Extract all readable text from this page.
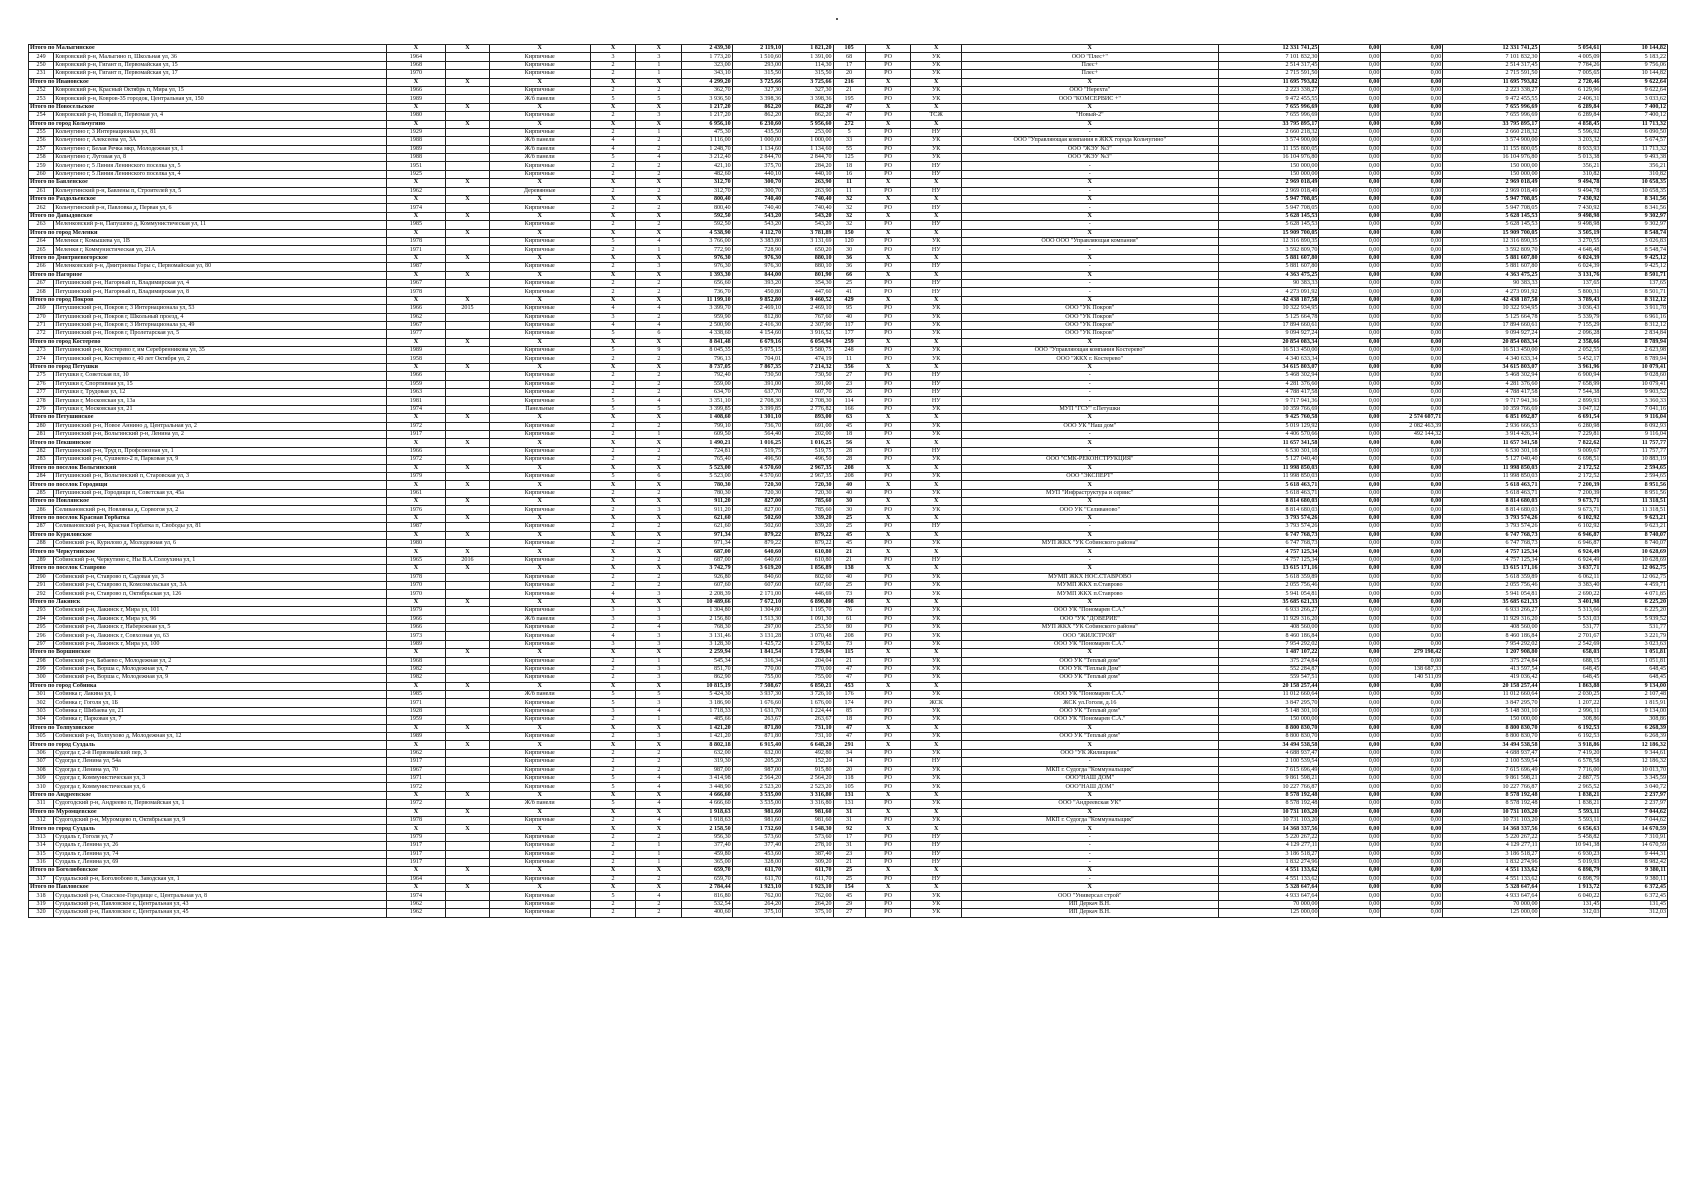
Итого по Малыгинское		X	X	X	X	X	2 439,30	2 119,10	1 821,20	105	X	X	X	12 331 741,25	0,00	0,00	12 331 741,25	5 054,61	10 144,82
249	Ковровский р-н, Малыгино п, Школьная ул, 36	1964		Кирпичные	3	3	1 773,20	1 510,60	1 391,00	68	РО	УК	ООО "Плес+"	7 101 832,30	0,00	0,00	7 101 832,30	4 005,09	5 183,22
250	Ковровский р-н, Гигант п, Первомайская ул, 15	1968		Кирпичные	2	1	323,00	293,00	114,30	17	РО	УК	Плес+	2 514 317,45	0,00	0,00	2 514 317,45	7 784,26	9 756,06
231	Ковровский р-н, Гигант п, Первомайская ул, 17	1970		Кирпичные	2	1	343,10	315,50	315,50	20	РО	УК	Плес+	2 715 591,50	0,00	0,00	2 715 591,50	7 005,65	10 144,82
Итого по Ивановское		X	X	X	X	X	4 299,20	3 725,66	3 725,66	216	X	X	X	11 695 793,82	0,00	0,00	11 695 793,82	2 720,46	9 622,64
252	Ковровский р-н, Красный Октябрь п, Мира ул, 15	1966		Кирпичные	2	2	362,70	327,30	327,30	21	РО	УК	ООО "Нерехта"	2 223 338,27	0,00	0,00	2 223 338,27	6 129,96	9 622,64
253	Ковровский р-н, Ковров-35 городок, Центральная ул, 150	1989		Ж/б панели	5	5	3 936,50	3 398,36	3 398,36	195	РО	УК	ООО "КОМСЕРВИС +"	9 472 455,55	0,00	0,00	9 472 455,55	2 406,31	3 033,62
Итого по Новосельское		X	X	X	X	X	1 217,20	862,20	862,20	47	X	X	X	7 655 996,69	0,00	0,00	7 655 996,69	6 289,84	7 400,12
254	Ковровский р-н, Новый п, Первомая ул, 4	1980		Кирпичные	2	3	1 217,20	862,20	862,20	47	РО	ТСЖ	"Новый-2"	7 655 996,69	0,00	0,00	7 655 996,69	6 289,84	7 400,12
Итого по город Кольчугино		X	X	X	X	X	6 956,10	6 230,60	5 956,60	272	X	X	X	33 795 895,17	0,00	0,00	33 795 895,17	4 858,45	11 713,32
255	Кольчугино г, 3 Интернационала ул, 81	1929		Кирпичные	2	1	475,30	435,50	253,00	5	РО	НУ	-	2 660 218,32	0,00	0,00	2 660 218,32	5 596,92	6 090,50
256	Кольчугино г, Алексеева ул, 3А	1988		Ж/б панели	4	2	1 116,00	1 000,00	1 000,00	33	РО	УК	ООО "Управляющая компания в ЖКХ города Кольчугино"	3 574 900,00	0,00	0,00	3 574 900,00	3 203,32	5 674,57
257	Кольчугино г, Белая Речка мкр, Молодежная ул, 1	1989		Ж/б панели	4	2	1 248,70	1 134,60	1 134,60	55	РО	УК	ООО "ЖЭУ №3"	11 155 800,05	0,00	0,00	11 155 800,05	8 933,93	11 713,32
258	Кольчугино г, Луговая ул, 8	1988		Ж/б панели	5	4	3 212,40	2 844,70	2 844,70	125	РО	УК	ООО "ЖЭУ №3"	16 104 976,80	0,00	0,00	16 104 976,80	5 013,38	9 493,38
259	Кольчугино г, 5 Линия Ленинского поселка ул, 5	1951		Кирпичные	2	2	421,10	375,70	284,20	18	РО	НУ	-	150 000,00	0,00	0,00	150 000,00	356,21	356,21
260	Кольчугино г, 5 Линия Ленинского поселка ул, 4	1925		Кирпичные	2	2	482,60	440,10	440,10	16	РО	НУ	-	150 000,00	0,00	0,00	150 000,00	310,82	310,82
Итого по Бавленское		X	X	X	X	X	312,70	300,70	263,90	11	X	X	X	2 969 018,49	0,00	0,00	2 969 018,49	9 494,78	10 658,35
261	Кольчугинский р-н, Бавлены п, Строителей ул, 5	1962		Деревянные	2	2	312,70	300,70	263,90	11	РО	НУ	-	2 969 018,49	0,00	0,00	2 969 018,49	9 494,78	10 658,35
Итого по Раздольевское		X	X	X	X	X	800,40	740,40	740,40	32	X	X	X	5 947 708,05	0,00	0,00	5 947 708,05	7 430,92	8 341,56
262	Кольчугинский р-н, Павловка д, Первая ул, 6	1974		Кирпичные	2	2	800,40	740,40	740,40	32	РО	НУ	-	5 947 708,05	0,00	0,00	5 947 708,05	7 430,92	8 341,56
Итого по Давыдовское		X	X	X	X	X	592,50	543,20	543,20	32	X	X	X	5 628 145,53	0,00	0,00	5 628 145,53	9 498,98	9 302,97
263	Меленковский р-н, Папушево д, Коммунистическая ул, 11	1985		Кирпичные	2	2	592,50	543,20	543,20	32	РО	НУ	-	5 628 145,53	0,00	0,00	5 628 145,53	9 498,98	9 302,97
Итого по город Меленки		X	X	X	X	X	4 538,90	4 112,70	3 781,89	150	X	X	X	15 909 700,05	0,00	0,00	15 909 700,05	3 505,19	8 548,74
264	Меленки г, Комышева ул, 1В	1978		Кирпичные	5	4	3 766,00	3 383,80	3 131,69	120	РО	УК	ООО ООО "Управляющая компания"	12 316 890,35	0,00	0,00	12 316 890,35	3 270,55	3 026,83
265	Меленки г, Коммунистическая ул, 21А	1971		Кирпичные	2	1	772,90	728,90	650,20	30	РО	НУ	-	3 592 809,70	0,00	0,00	3 592 809,70	4 648,48	8 548,74
Итого по Дмитриевогорское		X	X	X	X	X	976,30	976,30	880,10	36	X	X	X	5 881 607,80	0,00	0,00	5 881 607,80	6 024,39	9 425,12
266	Меленковский р-н, Дмитриевы Горы с, Первомайская ул, 80	1987		Кирпичные	2	3	976,30	976,30	880,10	36	РО	НУ	-	5 881 607,80	0,00	0,00	5 881 607,80	6 024,39	9 425,12
Итого по Нагорное		X	X	X	X	X	1 393,30	844,00	801,90	66	X	X	X	4 363 475,25	0,00	0,00	4 363 475,25	3 131,76	8 501,71
267	Петушинский р-н, Нагорный п, Владимирская ул, 4	1967		Кирпичные	2	2	656,60	393,20	354,30	25	РО	НУ	-	90 383,33	0,00	0,00	90 383,33	137,65	137,65
268	Петушинский р-н, Нагорный п, Владимирская ул, 8	1978		Кирпичные	2	2	736,70	450,80	447,60	41	РО	НУ	-	4 273 091,92	0,00	0,00	4 273 091,92	5 800,31	8 501,71
Итого по город Покров		X	X	X	X	X	11 199,10	9 852,80	9 460,52	429	X	X	X	42 438 187,58	0,00	0,00	42 438 187,58	3 789,43	8 312,12
269	Петушинский р-н, Покров г, 3 Интернационала ул, 53	1966	2015	Кирпичные	4	4	3 399,70	2 469,10	2 469,10	95	РО	УК	ООО "УК Покров"	10 322 934,95	0,00	0,00	10 322 934,95	3 036,43	3 911,78
270	Петушинский р-н, Покров г, Школьный проезд, 4	1962		Кирпичные	3	2	959,90	812,80	767,60	40	РО	УК	ООО "УК Покров"	5 125 664,78	0,00	0,00	5 125 664,78	5 339,79	6 961,16
271	Петушинский р-н, Покров г, 3 Интернационала ул, 49	1967		Кирпичные	4	4	2 500,90	2 416,30	2 307,90	117	РО	УК	ООО "УК Покров"	17 894 660,61	0,00	0,00	17 894 660,61	7 155,29	8 312,12
272	Петушинский р-н, Покров г, Пролетарская ул, 5	1977		Кирпичные	5	6	4 338,60	4 154,60	3 916,52	177	РО	УК	ООО "УК Покров"	9 094 927,24	0,00	0,00	9 094 927,24	2 096,28	2 834,84
Итого по город Костерево		X	X	X	X	X	8 841,48	6 679,16	6 054,94	259	X	X	X	20 854 083,34	0,00	0,00	20 854 083,34	2 358,66	8 789,94
273	Петушинский р-н, Костерево г, им Серебренникова ул, 35	1989		Кирпичные	5	9	8 045,35	5 975,15	5 580,75	248	РО	УК	ООО "Управляющая компания Костерево"	16 513 450,00	0,00	0,00	16 513 450,00	2 052,55	2 623,98
274	Петушинский р-н, Костерево г, 40 лет Октября ул, 2	1958		Кирпичные	2	2	796,13	704,01	474,19	11	РО	УК	ООО "ЖКХ г. Костерево"	4 340 633,34	0,00	0,00	4 340 633,34	5 452,17	8 789,94
Итого по город Петушки		X	X	X	X	X	8 737,05	7 867,35	7 214,32	356	X	X	X	34 615 803,07	0,00	0,00	34 615 803,07	3 961,96	10 079,41
275	Петушки г, Советская пл, 10	1966		Кирпичные	2	2	792,40	730,50	730,50	27	РО	НУ	-	5 468 302,94	0,00	0,00	5 468 302,94	6 900,94	9 028,60
276	Петушки г, Спортивная ул, 15	1959		Кирпичные	2	2	559,00	391,00	391,00	23	РО	НУ	-	4 281 376,60	0,00	0,00	4 281 376,60	7 658,99	10 079,41
277	Петушки г, Трудовая ул, 12	1963		Кирпичные	2	2	634,70	637,70	607,70	26	РО	НУ	-	4 788 417,58	0,00	0,00	4 788 417,58	7 544,38	9 903,52
278	Петушки г, Московская ул, 13а	1981		Кирпичные	5	4	3 351,10	2 708,30	2 708,30	114	РО	НУ	-	9 717 941,36	0,00	0,00	9 717 941,36	2 899,93	3 360,33
279	Петушки г, Московская ул, 21	1974		Панельные	5	5	3 399,85	3 399,85	2 776,82	166	РО	УК	МУП "ГСУ" г.Петушки	10 359 766,69	0,00	0,00	10 359 766,69	3 047,12	7 041,16
Итого по Петушинское		X	X	X	X	X	1 408,60	1 301,10	893,00	63	X	X	X	9 425 760,58	0,00	2 574 607,71	6 851 092,87	6 691,54	9 116,04
280	Петушинский р-н, Новое Аннино д, Центральная ул, 2	1972		Кирпичные	2	2	799,10	736,70	691,00	45	РО	УК	ООО УК "Наш дом"	5 019 129,92	0,00	2 082 463,39	2 936 666,53	6 280,98	8 092,93
281	Петушинский р-н, Вольгинский р-н, Ленина ул, 2	1917		Кирпичные	2	1	609,50	564,40	202,00	18	РО	УК	-	4 406 570,66	0,00	492 144,32	3 914 426,34	7 229,81	9 116,04
Итого по Пекшинское		X	X	X	X	X	1 490,21	1 016,25	1 016,25	56	X	X	X	11 657 341,58	0,00	0,00	11 657 341,58	7 822,62	11 757,77
282	Петушинский р-н, Труд п, Профсоюзная ул, 1	1966		Кирпичные	2	2	724,81	519,75	519,75	28	РО	НУ	-	6 530 301,18	0,00	0,00	6 530 301,18	9 009,67	11 757,77
283	Петушинский р-н, Сушнево-2 п, Парковая ул, 9	1972		Кирпичные	2	2	765,40	496,50	496,50	28	РО	УК	ООО "СМК-РЕКОНСТРУКЦИЯ"	5 127 040,40	0,00	0,00	5 127 040,40	6 698,51	10 883,19
Итого по поселок Вольгинский		X	X	X	X	X	5 523,00	4 570,60	2 967,35	208	X	X	X	11 998 850,03	0,00	0,00	11 998 850,03	2 172,52	2 594,65
284	Петушинский р-н, Вольгинский п, Старовская ул, 3	1979		Кирпичные	5	6	5 523,00	4 570,60	2 967,35	208	РО	УК	ООО "ЭКСПЕРТ"	11 998 850,03	0,00	0,00	11 998 850,03	2 172,52	2 594,65
Итого по поселок Городищи		X	X	X	X	X	780,30	720,30	720,30	40	X	X	X	5 618 463,71	0,00	0,00	5 618 463,71	7 200,39	8 951,56
285	Петушинский р-н, Городищи п, Советская ул, 45а	1961		Кирпичные	2	2	780,30	720,30	720,30	40	РО	УК	МУП "Инфраструктура и сервис"	5 618 463,71	0,00	0,00	5 618 463,71	7 200,39	8 951,56
Итого по Новлянское		X	X	X	X	X	911,20	827,00	785,60	30	X	X	X	8 814 680,03	0,00	0,00	8 814 680,03	9 673,71	11 318,51
286	Селивановский р-н, Новлянка д, Сорвогоя ул, 2	1976		Кирпичные	2	3	911,20	827,00	785,60	30	РО	УК	ООО УК "Селиваново"	8 814 680,03	0,00	0,00	8 814 680,03	9 673,71	11 318,51
Итого по поселок Красная Горбатка		X	X	X	X	X	621,60	502,60	339,20	25	X	X	X	3 793 574,26	0,00	0,00	3 793 574,26	6 102,92	9 623,21
287	Селивановский р-н, Красная Горбатка п, Свободы ул, 81	1987		Кирпичные	2	2	621,60	502,60	339,20	25	РО	НУ	-	3 793 574,26	0,00	0,00	3 793 574,26	6 102,92	9 623,21
Итого по Куриловское		X	X	X	X	X	971,34	879,22	879,22	45	X	X	X	6 747 768,73	0,00	0,00	6 747 768,73	6 946,87	8 740,07
288	Собинский р-н, Курилово д, Молодежная ул, 6	1980		Кирпичные	2	2	971,34	879,22	879,22	45	РО	УК	МУП ЖКХ "УК Собинского района"	6 747 768,73	0,00	0,00	6 747 768,73	6 946,87	8 740,07
Итого по Черкутинское		X	X	X	X	X	687,00	640,60	610,80	21	X	X	X	4 757 125,34	0,00	0,00	4 757 125,34	6 924,49	10 628,69
289	Собинский р-н, Черкутино с, Ны В.А.Солоухина ул, 1	1965	2016	Кирпичные	2	2	687,00	640,60	610,80	21	РО	НУ	-	4 757 125,34	0,00	0,00	4 757 125,34	6 924,49	10 628,69
Итого по поселок Ставрово		X	X	X	X	X	3 742,79	3 619,20	1 856,89	138	X	X	X	13 615 171,16	0,00	0,00	13 615 171,16	3 637,71	12 062,75
290	Собинский р-н, Ставрово п, Садовая ул, 3	1978		Кирпичные	2	2	926,80	840,60	802,60	40	РО	УК	МУМП ЖКХ НОС.СТАВРОВО	5 618 359,89	0,00	0,00	5 618 359,89	6 062,11	12 062,75
291	Собинский р-н, Ставрово п, Комсомольская ул, 3А	1970		Кирпичные	2	2	607,60	607,60	607,60	25	РО	УК	МУМП ЖКХ п.Ставрово	2 055 756,46	0,00	0,00	2 055 756,46	3 383,40	4 459,71
292	Собинский р-н, Ставрово п, Октябрьская ул, 126	1970		Кирпичные	4	3	2 208,39	2 171,00	446,69	73	РО	УК	МУМП ЖКХ п.Ставрово	5 941 054,81	0,00	0,00	5 941 054,81	2 690,22	4 071,85
Итого по Лакинск		X	X	X	X	X	10 489,66	7 672,10	6 890,80	498	X	X	X	35 685 621,33	0,00	0,00	35 685 621,33	3 401,98	6 225,20
293	Собинский р-н, Лакинск г, Мира ул, 101	1979		Кирпичные	3	3	1 304,80	1 304,80	1 195,70	76	РО	УК	ООО УК "Пономарев С.А."	6 933 266,27	0,00	0,00	6 933 266,27	5 313,66	6 225,20
294	Собинский р-н, Лакинск г, Мира ул, 96	1966		Ж/б панели	3	3	2 156,80	1 513,30	1 091,30	61	РО	УК	ООО "УК "ДОВЕРИЕ"	11 929 316,20	0,00	0,00	11 929 316,20	5 531,03	5 939,52
295	Собинский р-н, Лакинск г, Набережная ул, 5	1966		Кирпичные	2	4	768,30	297,00	253,50	80	РО	УК	МУП ЖКХ "УК Собинского района"	408 560,00	0,00	0,00	408 560,00	531,77	531,77
296	Собинский р-н, Лакинск г, Совхозная ул, 63	1973		Кирпичные	4	3	3 131,46	3 131,28	3 070,48	208	РО	УК	ООО "ЖИЛСТРОЙ"	8 460 186,84	0,00	0,00	8 460 186,84	2 701,67	3 221,79
297	Собинский р-н, Лакинск г, Мира ул, 100	1989		Кирпичные	3	3	3 128,30	1 425,72	1 279,82	73	РО	УК	ООО УК "Пономарев С.А."	7 954 292,02	0,00	0,00	7 954 292,02	2 542,69	3 023,63
Итого по Воршинское		X	X	X	X	X	2 259,94	1 841,54	1 729,04	115	X	X	X	1 487 107,22	0,00	279 198,42	1 207 908,80	658,03	1 051,81
298	Собинский р-н, Бабаево с, Молодежная ул, 2	1968		Кирпичные	2	1	545,34	316,34	204,04	21	РО	УК	ООО УК "Теплый дом"	375 274,84	0,00	0,00	375 274,84	688,15	1 051,81
299	Собинский р-н, Ворша с, Молодежная ул, 7	1982		Кирпичные	2	3	851,70	770,00	770,00	47	РО	УК	ООО УК "Теплый Дом"	552 284,87	0,00	138 687,33	413 597,54	648,45	648,45
300	Собинский р-н, Ворша с, Молодежная ул, 9	1982		Кирпичные	2	3	862,90	755,00	755,00	47	РО	УК	ООО УК "Теплый дом"	559 547,51	0,00	140 511,09	419 036,42	648,45	648,45
Итого по город Собинка		X	X	X	X	X	10 815,19	7 508,67	6 850,21	453	X	X	X	20 158 257,44	0,00	0,00	20 158 257,44	1 863,88	9 134,00
301	Собинка г, Лакина ул, 1	1985		Ж/б панели	5	5	5 424,30	3 937,30	3 726,10	176	РО	УК	ООО УК "Пономарев С.А."	11 012 660,64	0,00	0,00	11 012 660,64	2 030,25	2 107,48
302	Собинка г, Гоголя ул, 1Б	1971		Кирпичные	5	3	3 186,90	1 676,60	1 676,00	174	РО	ЖСК	ЖСК ул.Гоголя, д.16	3 847 295,70	0,00	0,00	3 847 295,70	1 207,22	1 815,91
303	Собинка г, Шибаева ул, 21	1928		Кирпичные	3	4	1 718,33	1 631,70	1 224,44	85	РО	УК	ООО УК "Теплый дом"	5 148 301,10	0,00	0,00	5 148 301,10	2 996,11	9 134,00
304	Собинка г, Парковая ул, 7	1959		Кирпичные	2	1	485,66	263,67	263,67	18	РО	УК	ООО УК "Пономарев С.А."	150 000,00	0,00	0,00	150 000,00	308,86	308,86
Итого по Толпуховское		X	X	X	X	X	1 421,20	871,80	731,10	47	X	X	X	8 800 830,70	0,00	0,00	8 800 830,70	6 192,53	6 268,39
305	Собинский р-н, Толпухово д, Молодежная ул, 12	1989		Кирпичные	2	3	1 421,20	871,80	731,10	47	РО	УК	ООО УК "Теплый дом"	8 800 830,70	0,00	0,00	8 800 830,70	6 192,53	6 268,39
Итого по город Суздаль		X	X	X	X	X	8 802,18	6 915,40	6 648,20	291	X	X	X	34 494 538,58	0,00	0,00	34 494 538,58	3 918,86	12 186,32
306	Судогда г, 2-й Первомайский пер, 3	1962		Кирпичные	2	2	632,00	632,00	492,80	34	РО	УК	ООО "УК Жилищник"	4 688 937,47	0,00	0,00	4 688 937,47	7 419,20	9 344,61
307	Судогда г, Ленина ул, 54а	1917		Кирпичные	2	2	319,30	205,20	152,20	14	РО	НУ	-	2 100 539,54	0,00	0,00	2 100 539,54	6 578,58	12 186,32
308	Судогда г, Ленина ул, 70	1967		Кирпичные	2	2	987,00	987,00	915,80	20	РО	УК	МКП г. Судогда "Коммунальщик"	7 615 696,49	0,00	0,00	7 615 696,49	7 716,00	10 013,70
309	Судогда г, Коммунистическая ул, 3	1971		Кирпичные	5	4	3 414,98	2 564,20	2 564,20	118	РО	УК	ООО"НАШ ДОМ"	9 861 598,21	0,00	0,00	9 861 598,21	2 887,75	3 345,59
310	Судогда г, Коммунистическая ул, 6	1972		Кирпичные	5	4	3 448,90	2 523,20	2 523,20	105	РО	УК	ООО"НАШ ДОМ"	10 227 766,87	0,00	0,00	10 227 766,87	2 965,52	3 040,72
Итого по Андреевское		X	X	X	X	X	4 666,60	3 535,00	3 316,80	131	X	X	X	8 578 192,48	0,00	0,00	8 578 192,48	1 838,21	2 237,97
311	Судогодский р-н, Андреево п, Первомайская ул, 1	1972		Ж/б панели	5	4	4 666,60	3 535,00	3 316,80	131	РО	УК	ООО "Андреевская УК"	8 578 192,48	0,00	0,00	8 578 192,48	1 838,21	2 237,97
Итого по Муромцевское		X	X	X	X	X	1 918,63	981,60	981,60	31	X	X	X	10 731 103,20	0,00	0,00	10 731 103,20	5 593,11	7 044,62
312	Судогодский р-н, Муромцево п, Октябрьская ул, 9	1978		Кирпичные	2	4	1 918,63	981,60	981,60	31	РО	УК	МКП г. Судогда "Коммунальщик"	10 731 103,20	0,00	0,00	10 731 103,20	5 593,11	7 044,62
Итого по город Суздаль		X	X	X	X	X	2 158,50	1 732,60	1 548,30	92	X	X	X	14 368 337,56	0,00	0,00	14 368 337,56	6 656,63	14 670,59
313	Суздаль г, Гоголя ул, 7	1979		Кирпичные	2	2	956,30	573,60	573,60	17	РО	НУ	-	5 220 267,22	0,00	0,00	5 220 267,22	5 458,82	7 310,91
314	Суздаль г, Ленина ул, 26	1917		Кирпичные	2	1	377,40	377,40	278,10	31	РО	НУ	-	4 129 277,11	0,00	0,00	4 129 277,11	10 941,38	14 670,59
315	Суздаль г, Ленина ул, 74	1917		Кирпичные	2	1	459,80	453,60	387,40	23	РО	НУ	-	3 186 518,27	0,00	0,00	3 186 518,27	6 930,23	9 444,31
316	Суздаль г, Ленина ул, 69	1917		Кирпичные	2	1	365,00	328,00	309,20	21	РО	НУ	-	1 832 274,96	0,00	0,00	1 832 274,96	5 019,93	8 982,42
Итого по Боголюбовское		X	X	X	X	X	659,70	611,70	611,70	25	X	X	X	4 551 133,62	0,00	0,00	4 551 133,62	6 898,79	9 380,11
317	Суздальский р-н, Боголюбово п, Заводская ул, 1	1964		Кирпичные	2	2	659,70	611,70	611,70	25	РО	НУ	-	4 551 133,62	0,00	0,00	4 551 133,62	6 898,79	9 380,11
Итого по Павловское		X	X	X	X	X	2 784,44	1 923,10	1 923,10	154	X	X	X	5 328 647,64	0,00	0,00	5 328 647,64	1 913,72	6 372,45
318	Суздальский р-н, Спасское-Городище с, Центральная ул, 8	1974		Кирпичные	5	4	816,80	762,00	762,00	45	РО	УК	ООО "Универсал строй"	4 933 647,64	0,00	0,00	4 933 647,64	6 040,22	6 372,45
319	Суздальский р-н, Павловское с, Центральная ул, 43	1962		Кирпичные	2	2	532,54	264,20	264,20	29	РО	УК	ИП Деркач В.Н.	70 000,00	0,00	0,00	70 000,00	131,45	131,45
320	Суздальский р-н, Павловское с, Центральная ул, 45	1962		Кирпичные	2	2	400,60	375,10	375,10	27	РО	УК	ИП Деркач В.Н.	125 000,00	0,00	0,00	125 000,00	312,03	312,03
